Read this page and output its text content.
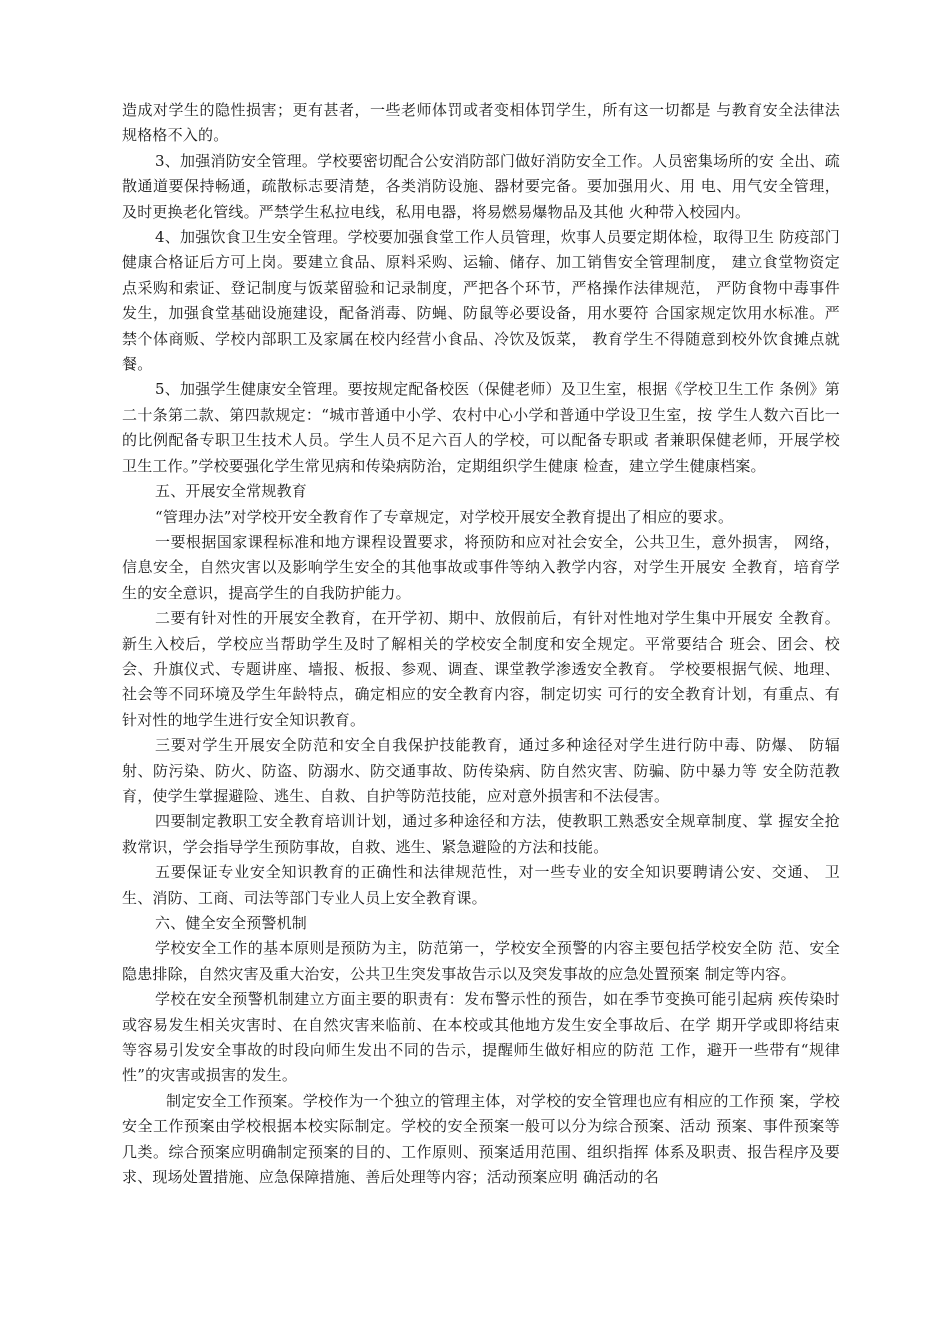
造成对学生的隐性损害；更有甚者，一些老师体罚或者变相体罚学生，所有这一切都是 与教育安全法律法规格格不入的。

3、加强消防安全管理。学校要密切配合公安消防部门做好消防安全工作。人员密集场所的安 全出、疏散通道要保持畅通，疏散标志要清楚，各类消防设施、器材要完备。要加强用火、用 电、用气安全管理，及时更换老化管线。严禁学生私拉电线，私用电器，将易燃易爆物品及其他 火种带入校园内。

4、加强饮食卫生安全管理。学校要加强食堂工作人员管理，炊事人员要定期体检，取得卫生 防疫部门健康合格证后方可上岗。要建立食品、原料采购、运输、储存、加工销售安全管理制度， 建立食堂物资定点采购和索证、登记制度与饭菜留验和记录制度，严把各个环节，严格操作法律规范， 严防食物中毒事件发生，加强食堂基础设施建设，配备消毒、防蝇、防鼠等必要设备，用水要符 合国家规定饮用水标准。严禁个体商贩、学校内部职工及家属在校内经营小食品、冷饮及饭菜， 教育学生不得随意到校外饮食摊点就餐。

5、加强学生健康安全管理。要按规定配备校医（保健老师）及卫生室，根据《学校卫生工作 条例》第二十条第二款、第四款规定：“城市普通中小学、农村中心小学和普通中学设卫生室，按 学生人数六百比一的比例配备专职卫生技术人员。学生人员不足六百人的学校，可以配备专职或 者兼职保健老师，开展学校卫生工作。”学校要强化学生常见病和传染病防治，定期组织学生健康 检查，建立学生健康档案。

五、开展安全常规教育

“管理办法”对学校开安全教育作了专章规定，对学校开展安全教育提出了相应的要求。

一要根据国家课程标准和地方课程设置要求，将预防和应对社会安全，公共卫生，意外损害， 网络，信息安全，自然灾害以及影响学生安全的其他事故或事件等纳入教学内容，对学生开展安 全教育，培育学生的安全意识，提高学生的自我防护能力。

二要有针对性的开展安全教育，在开学初、期中、放假前后，有针对性地对学生集中开展安 全教育。新生入校后，学校应当帮助学生及时了解相关的学校安全制度和安全规定。平常要结合 班会、团会、校会、升旗仪式、专题讲座、墙报、板报、参观、调查、课堂教学渗透安全教育。 学校要根据气候、地理、社会等不同环境及学生年龄特点，确定相应的安全教育内容，制定切实 可行的安全教育计划，有重点、有针对性的地学生进行安全知识教育。

三要对学生开展安全防范和安全自我保护技能教育，通过多种途径对学生进行防中毒、防爆、 防辐射、防污染、防火、防盗、防溺水、防交通事故、防传染病、防自然灾害、防骗、防中暴力等 安全防范教育，使学生掌握避险、逃生、自救、自护等防范技能，应对意外损害和不法侵害。

四要制定教职工安全教育培训计划，通过多种途径和方法，使教职工熟悉安全规章制度、掌 握安全抢救常识，学会指导学生预防事故，自救、逃生、紧急避险的方法和技能。

五要保证专业安全知识教育的正确性和法律规范性，对一些专业的安全知识要聘请公安、交通、 卫生、消防、工商、司法等部门专业人员上安全教育课。

六、健全安全预警机制

学校安全工作的基本原则是预防为主，防范第一，学校安全预警的内容主要包括学校安全防 范、安全隐患排除，自然灾害及重大治安，公共卫生突发事故告示以及突发事故的应急处置预案 制定等内容。

学校在安全预警机制建立方面主要的职责有：发布警示性的预告，如在季节变换可能引起病 疾传染时或容易发生相关灾害时、在自然灾害来临前、在本校或其他地方发生安全事故后、在学 期开学或即将结束等容易引发安全事故的时段向师生发出不同的告示，提醒师生做好相应的防范 工作，避开一些带有“规律 性”的灾害或损害的发生。

制定安全工作预案。学校作为一个独立的管理主体，对学校的安全管理也应有相应的工作预 案，学校安全工作预案由学校根据本校实际制定。学校的安全预案一般可以分为综合预案、活动 预案、事件预案等几类。综合预案应明确制定预案的目的、工作原则、预案适用范围、组织指挥 体系及职责、报告程序及要求、现场处置措施、应急保障措施、善后处理等内容；活动预案应明 确活动的名
